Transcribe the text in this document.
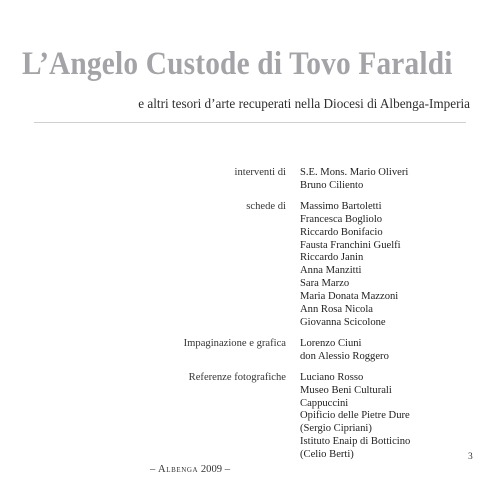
L’Angelo Custode di Tovo Faraldi
e altri tesori d’arte recuperati nella Diocesi di Albenga-Imperia
interventi di	S.E. Mons. Mario Oliveri
Bruno Ciliento
schede di	Massimo Bartoletti
Francesca Bogliolo
Riccardo Bonifacio
Fausta Franchini Guelfi
Riccardo Janin
Anna Manzitti
Sara Marzo
Maria Donata Mazzoni
Ann Rosa Nicola
Giovanna Scicolone
Impaginazione e grafica	Lorenzo Ciuni
don Alessio Roggero
Referenze fotografiche	Luciano Rosso
Museo Beni Culturali
Cappuccini
Opificio delle Pietre Dure
(Sergio Cipriani)
Istituto Enaip di Botticino
(Celio Berti)
– Albenga 2009 –
3
